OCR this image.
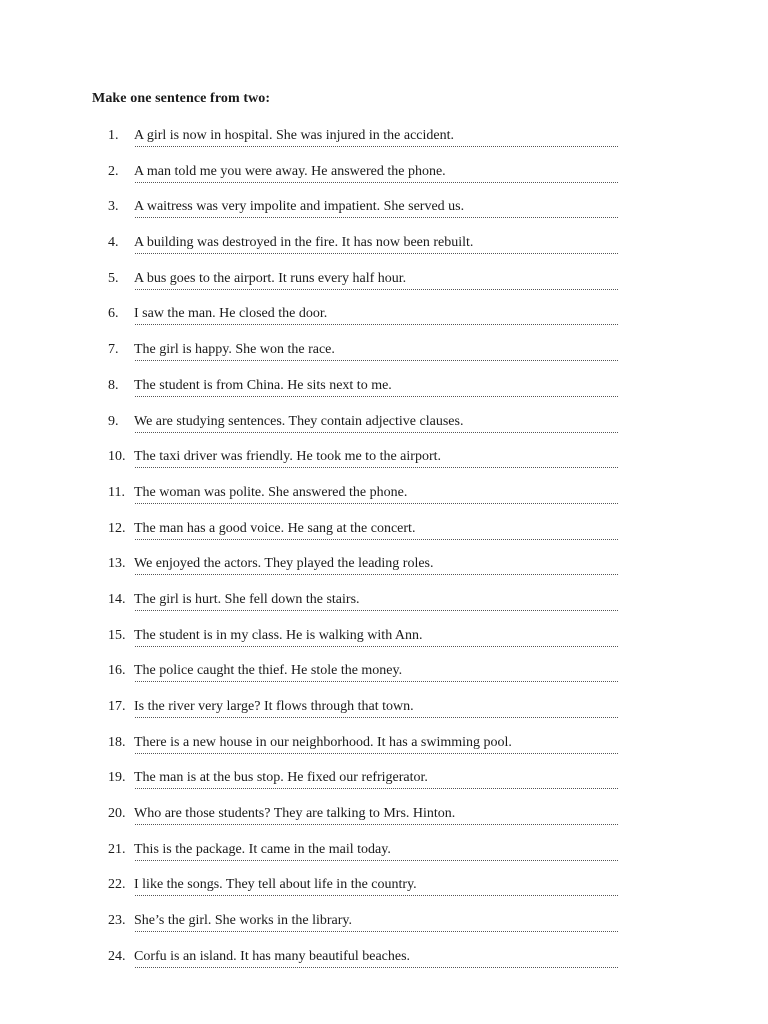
Make one sentence from two:
1.	A girl is now in hospital. She was injured in the accident.
2.	A man told me you were away. He answered the phone.
3.	A waitress was very impolite and impatient. She served us.
4.	A building was destroyed in the fire. It has now been rebuilt.
5.	A bus goes to the airport. It runs every half hour.
6.	I saw the man. He closed the door.
7.	The girl is happy. She won the race.
8.	The student is from China. He sits next to me.
9.	We are studying sentences. They contain adjective clauses.
10. The taxi driver was friendly. He took me to the airport.
11. The woman was polite. She answered the phone.
12. The man has a good voice. He sang at the concert.
13. We enjoyed the actors. They played the leading roles.
14. The girl is hurt. She fell down the stairs.
15. The student is in my class. He is walking with Ann.
16. The police caught the thief. He stole the money.
17. Is the river very large? It flows through that town.
18. There is a new house in our neighborhood. It has a swimming pool.
19. The man is at the bus stop. He fixed our refrigerator.
20. Who are those students? They are talking to Mrs. Hinton.
21. This is the package. It came in the mail today.
22. I like the songs. They tell about life in the country.
23. She’s the girl. She works in the library.
24. Corfu is an island. It has many beautiful beaches.
